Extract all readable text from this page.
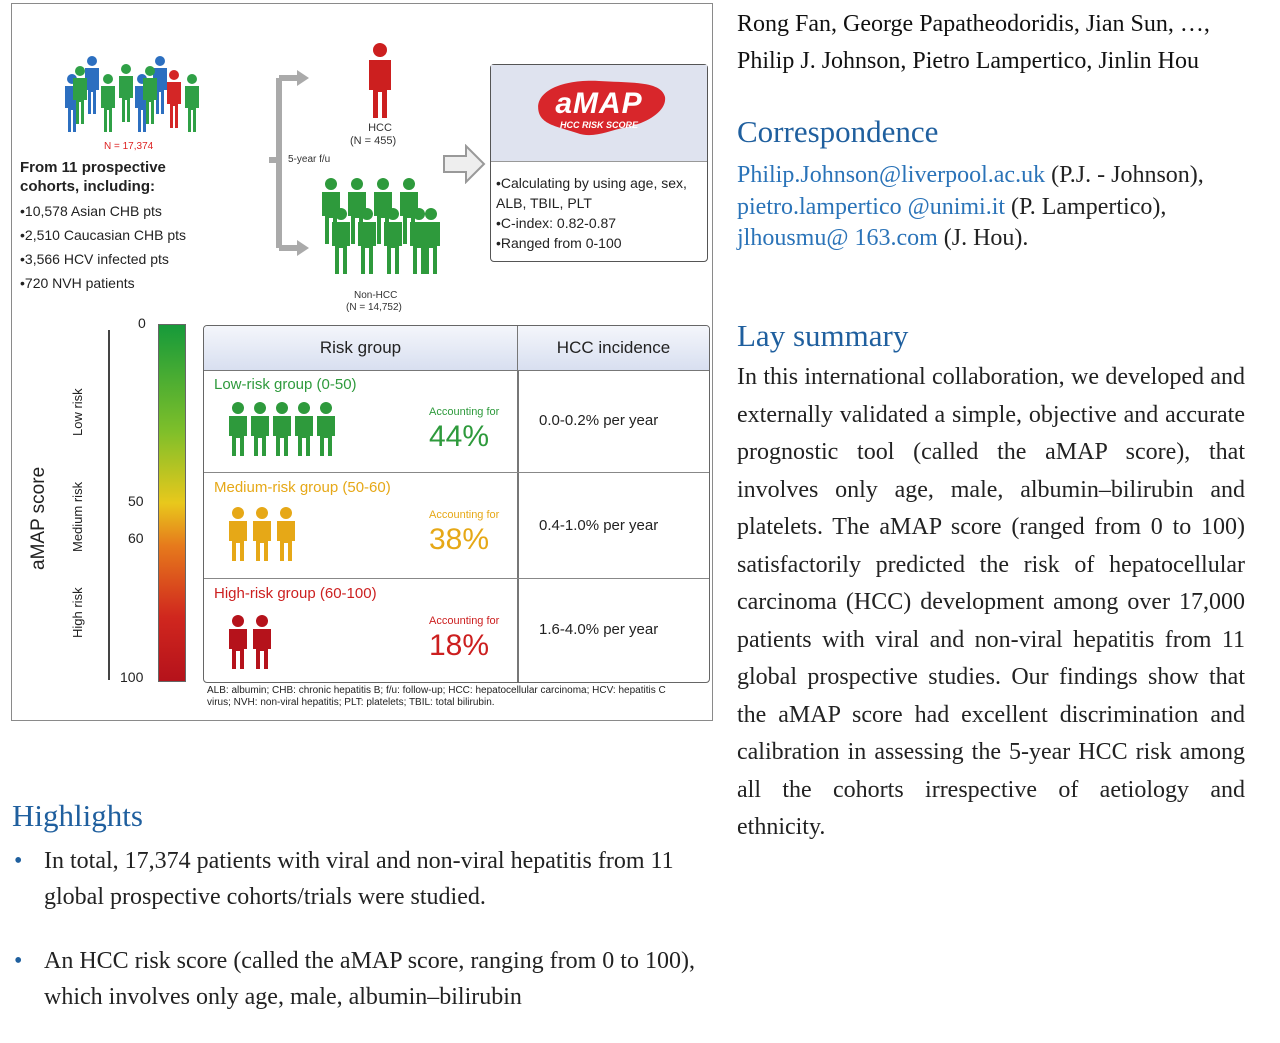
N = 17,374
From 11 prospective cohorts, including:
• 10,578 Asian CHB pts
• 2,510 Caucasian CHB pts
• 3,566 HCV infected pts
• 720 NVH patients
5-year f/u
HCC
(N = 455)
Non-HCC
(N = 14,752)
aMAP
HCC RISK SCORE
• Calculating by using age, sex, ALB, TBIL, PLT
• C-index: 0.82-0.87
• Ranged from 0-100
aMAP score
Low risk
Medium risk
High risk
0
50
60
100
Risk group	HCC incidence
Low-risk group (0-50)
Accounting for
44%	0.0-0.2% per year
Medium-risk group (50-60)
Accounting for
38%	0.4-1.0% per year
High-risk group (60-100)
Accounting for
18%	1.6-4.0% per year
ALB: albumin; CHB: chronic hepatitis B; f/u: follow-up; HCC: hepatocellular carcinoma; HCV: hepatitis C virus; NVH: non-viral hepatitis; PLT: platelets; TBIL: total bilirubin.
Rong Fan, George Papatheodoridis, Jian Sun, …, Philip J. Johnson, Pietro Lampertico, Jinlin Hou
Correspondence
Philip.Johnson@liverpool.ac.uk (P.J. - Johnson), pietro.lampertico @unimi.it (P. Lampertico), jlhousmu@ 163.com (J. Hou).
Lay summary
In this international collaboration, we developed and externally validated a simple, objective and accurate prognostic tool (called the aMAP score), that involves only age, male, albumin–bilirubin and platelets. The aMAP score (ranged from 0 to 100) satisfactorily predicted the risk of hepatocellular carcinoma (HCC) development among over 17,000 patients with viral and non-viral hepatitis from 11 global prospective studies. Our findings show that the aMAP score had excellent discrimination and calibration in assessing the 5-year HCC risk among all the cohorts irrespective of aetiology and ethnicity.
Highlights
• In total, 17,374 patients with viral and non-viral hepatitis from 11 global prospective cohorts/trials were studied.
• An HCC risk score (called the aMAP score, ranging from 0 to 100), which involves only age, male, albumin–bilirubin
